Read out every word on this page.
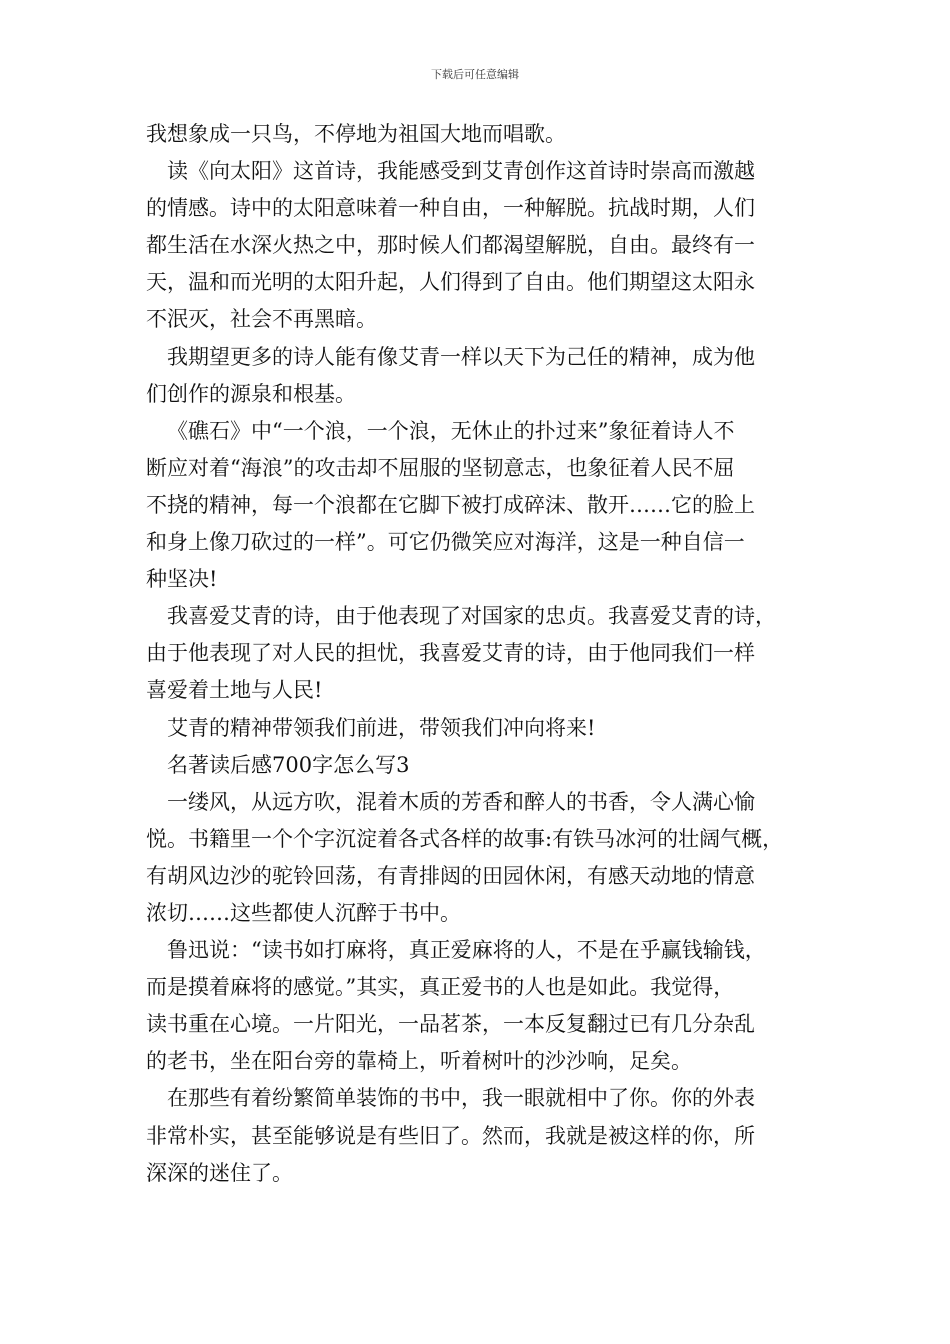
下载后可任意编辑
我想象成一只鸟，不停地为祖国大地而唱歌。
读《向太阳》这首诗，我能感受到艾青创作这首诗时崇高而激越
的情感。诗中的太阳意味着一种自由，一种解脱。抗战时期，人们
都生活在水深火热之中，那时候人们都渴望解脱，自由。最终有一
天，温和而光明的太阳升起，人们得到了自由。他们期望这太阳永
不泯灭，社会不再黑暗。
我期望更多的诗人能有像艾青一样以天下为己任的精神，成为他
们创作的源泉和根基。
《礁石》中“一个浪，一个浪，无休止的扑过来”象征着诗人不
断应对着“海浪”的攻击却不屈服的坚韧意志，也象征着人民不屈
不挠的精神，每一个浪都在它脚下被打成碎沫、散开……它的脸上
和身上像刀砍过的一样”。可它仍微笑应对海洋，这是一种自信一
种坚决!
我喜爱艾青的诗，由于他表现了对国家的忠贞。我喜爱艾青的诗，
由于他表现了对人民的担忧，我喜爱艾青的诗，由于他同我们一样
喜爱着土地与人民!
艾青的精神带领我们前进，带领我们冲向将来!
名著读后感700字怎么写3
一缕风，从远方吹，混着木质的芳香和醉人的书香，令人满心愉
悦。书籍里一个个字沉淀着各式各样的故事:有铁马冰河的壮阔气概，
有胡风边沙的驼铃回荡，有青排闼的田园休闲，有感天动地的情意
浓切……这些都使人沉醉于书中。
鲁迅说：“读书如打麻将，真正爱麻将的人，不是在乎赢钱输钱，
而是摸着麻将的感觉。”其实，真正爱书的人也是如此。我觉得，
读书重在心境。一片阳光，一品茗茶，一本反复翻过已有几分杂乱
的老书，坐在阳台旁的靠椅上，听着树叶的沙沙响，足矣。
在那些有着纷繁简单装饰的书中，我一眼就相中了你。你的外表
非常朴实，甚至能够说是有些旧了。然而，我就是被这样的你，所
深深的迷住了。
